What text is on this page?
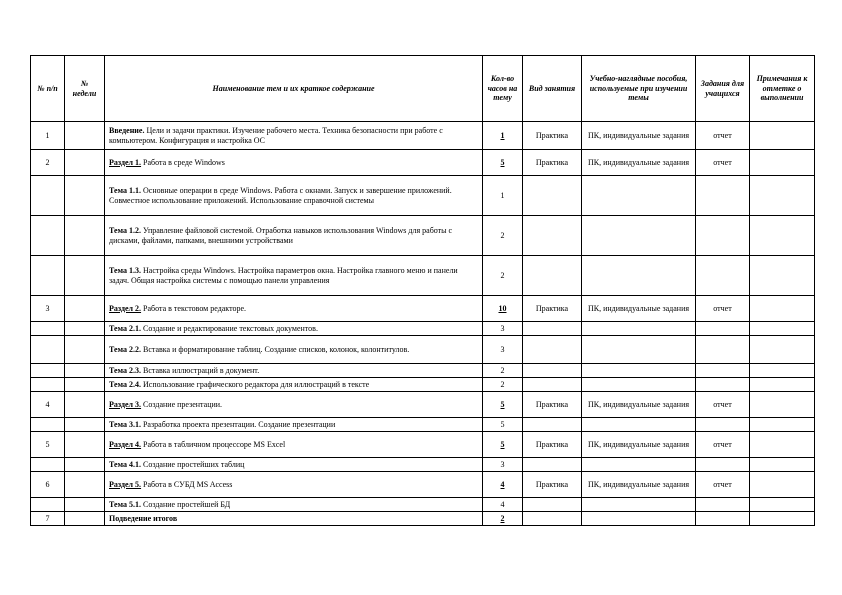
№ п/п	№ недели	Наименование тем и их краткое содержание	Кол-во часов на тему	Вид занятия	Учебно-наглядные пособия, используемые при изучении темы	Задания для учащихся	Примечания к отметке о выполнении
1		Введение. Цели и задачи практики. Изучение рабочего места. Техника безопасности при работе с компьютером. Конфигурация и настройка ОС	1	Практика	ПК, индивидуальные задания	отчет	
2		Раздел 1. Работа в среде Windows	5	Практика	ПК, индивидуальные задания	отчет	
		Тема 1.1. Основные операции в среде Windows. Работа с окнами. Запуск и завершение приложений. Совместное использование приложений. Использование справочной системы	1				
		Тема 1.2. Управление файловой системой. Отработка навыков использования Windows для работы с дисками, файлами, папками, внешними устройствами	2				
		Тема 1.3. Настройка среды Windows. Настройка параметров окна. Настройка главного меню и панели задач. Общая настройка системы с помощью панели управления	2				
3		Раздел 2. Работа в текстовом редакторе.	10	Практика	ПК, индивидуальные задания	отчет	
		Тема 2.1. Создание и редактирование текстовых документов.	3				
		Тема 2.2. Вставка и форматирование таблиц. Создание списков, колонок, колонтитулов.	3				
		Тема 2.3. Вставка иллюстраций в документ.	2				
		Тема 2.4. Использование графического редактора для иллюстраций в тексте	2				
4		Раздел 3. Создание презентации.	5	Практика	ПК, индивидуальные задания	отчет	
		Тема 3.1. Разработка проекта презентации. Создание презентации	5				
5		Раздел 4. Работа в табличном процессоре MS Excel	5	Практика	ПК, индивидуальные задания	отчет	
		Тема 4.1. Создание простейших таблиц	3				
6		Раздел 5. Работа в СУБД MS Access	4	Практика	ПК, индивидуальные задания	отчет	
		Тема 5.1. Создание простейшей БД	4				
7		Подведение итогов	2				
